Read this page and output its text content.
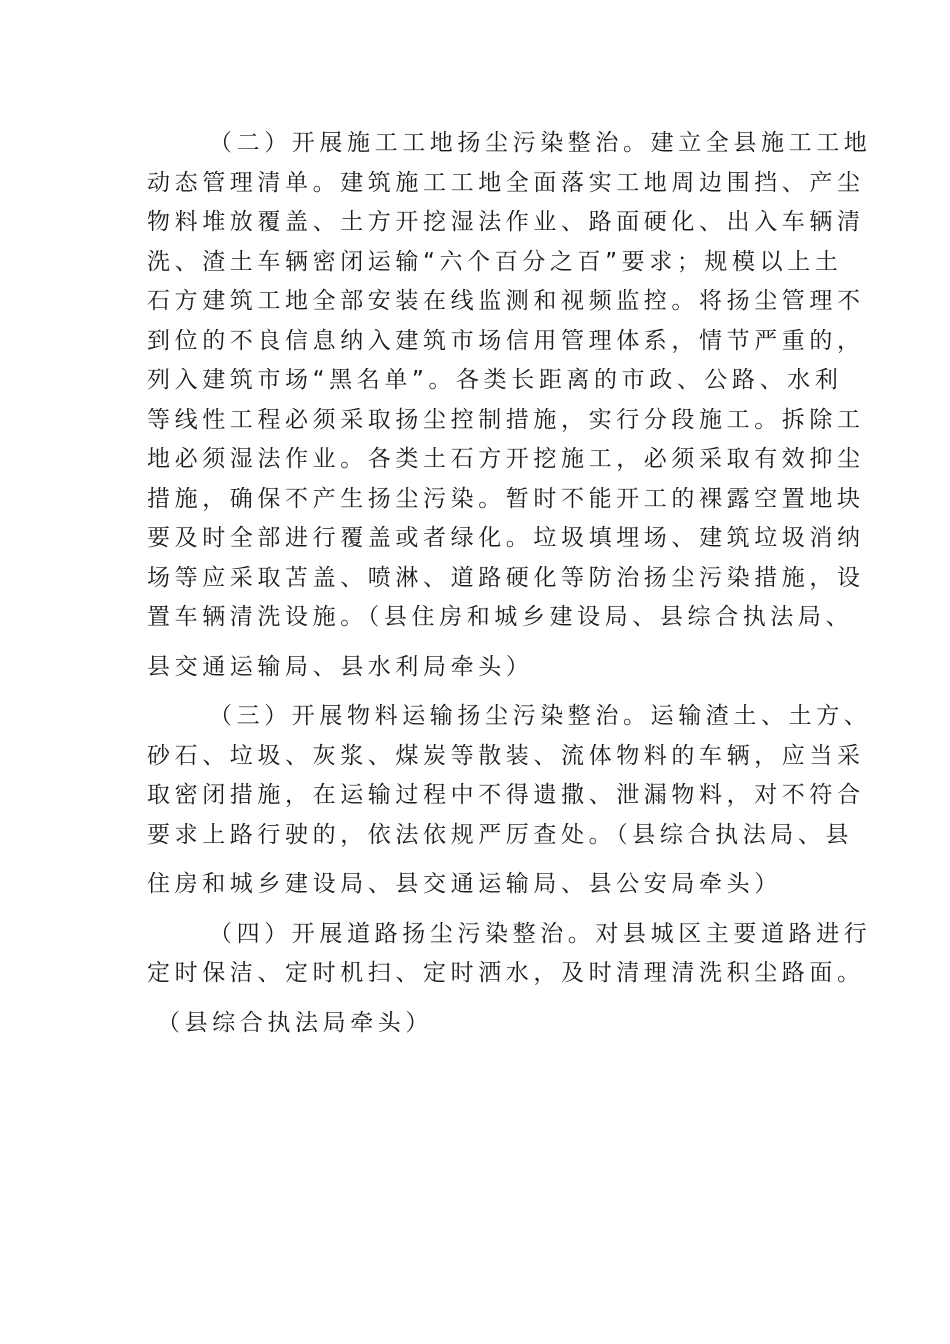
（二）开展施工工地扬尘污染整治。建立全县施工工地
动态管理清单。建筑施工工地全面落实工地周边围挡、产尘
物料堆放覆盖、土方开挖湿法作业、路面硬化、出入车辆清
洗、渣土车辆密闭运输“六个百分之百”要求；规模以上土
石方建筑工地全部安装在线监测和视频监控。将扬尘管理不
到位的不良信息纳入建筑市场信用管理体系，情节严重的，
列入建筑市场“黑名单”。各类长距离的市政、公路、水利
等线性工程必须采取扬尘控制措施，实行分段施工。拆除工
地必须湿法作业。各类土石方开挖施工，必须采取有效抑尘
措施，确保不产生扬尘污染。暂时不能开工的裸露空置地块
要及时全部进行覆盖或者绿化。垃圾填埋场、建筑垃圾消纳
场等应采取苫盖、喷淋、道路硬化等防治扬尘污染措施，设
置车辆清洗设施。（县住房和城乡建设局、县综合执法局、
县交通运输局、县水利局牵头）
（三）开展物料运输扬尘污染整治。运输渣土、土方、
砂石、垃圾、灰浆、煤炭等散装、流体物料的车辆，应当采
取密闭措施，在运输过程中不得遗撒、泄漏物料，对不符合
要求上路行驶的，依法依规严厉查处。（县综合执法局、县
住房和城乡建设局、县交通运输局、县公安局牵头）
（四）开展道路扬尘污染整治。对县城区主要道路进行
定时保洁、定时机扫、定时洒水，及时清理清洗积尘路面。
（县综合执法局牵头）
